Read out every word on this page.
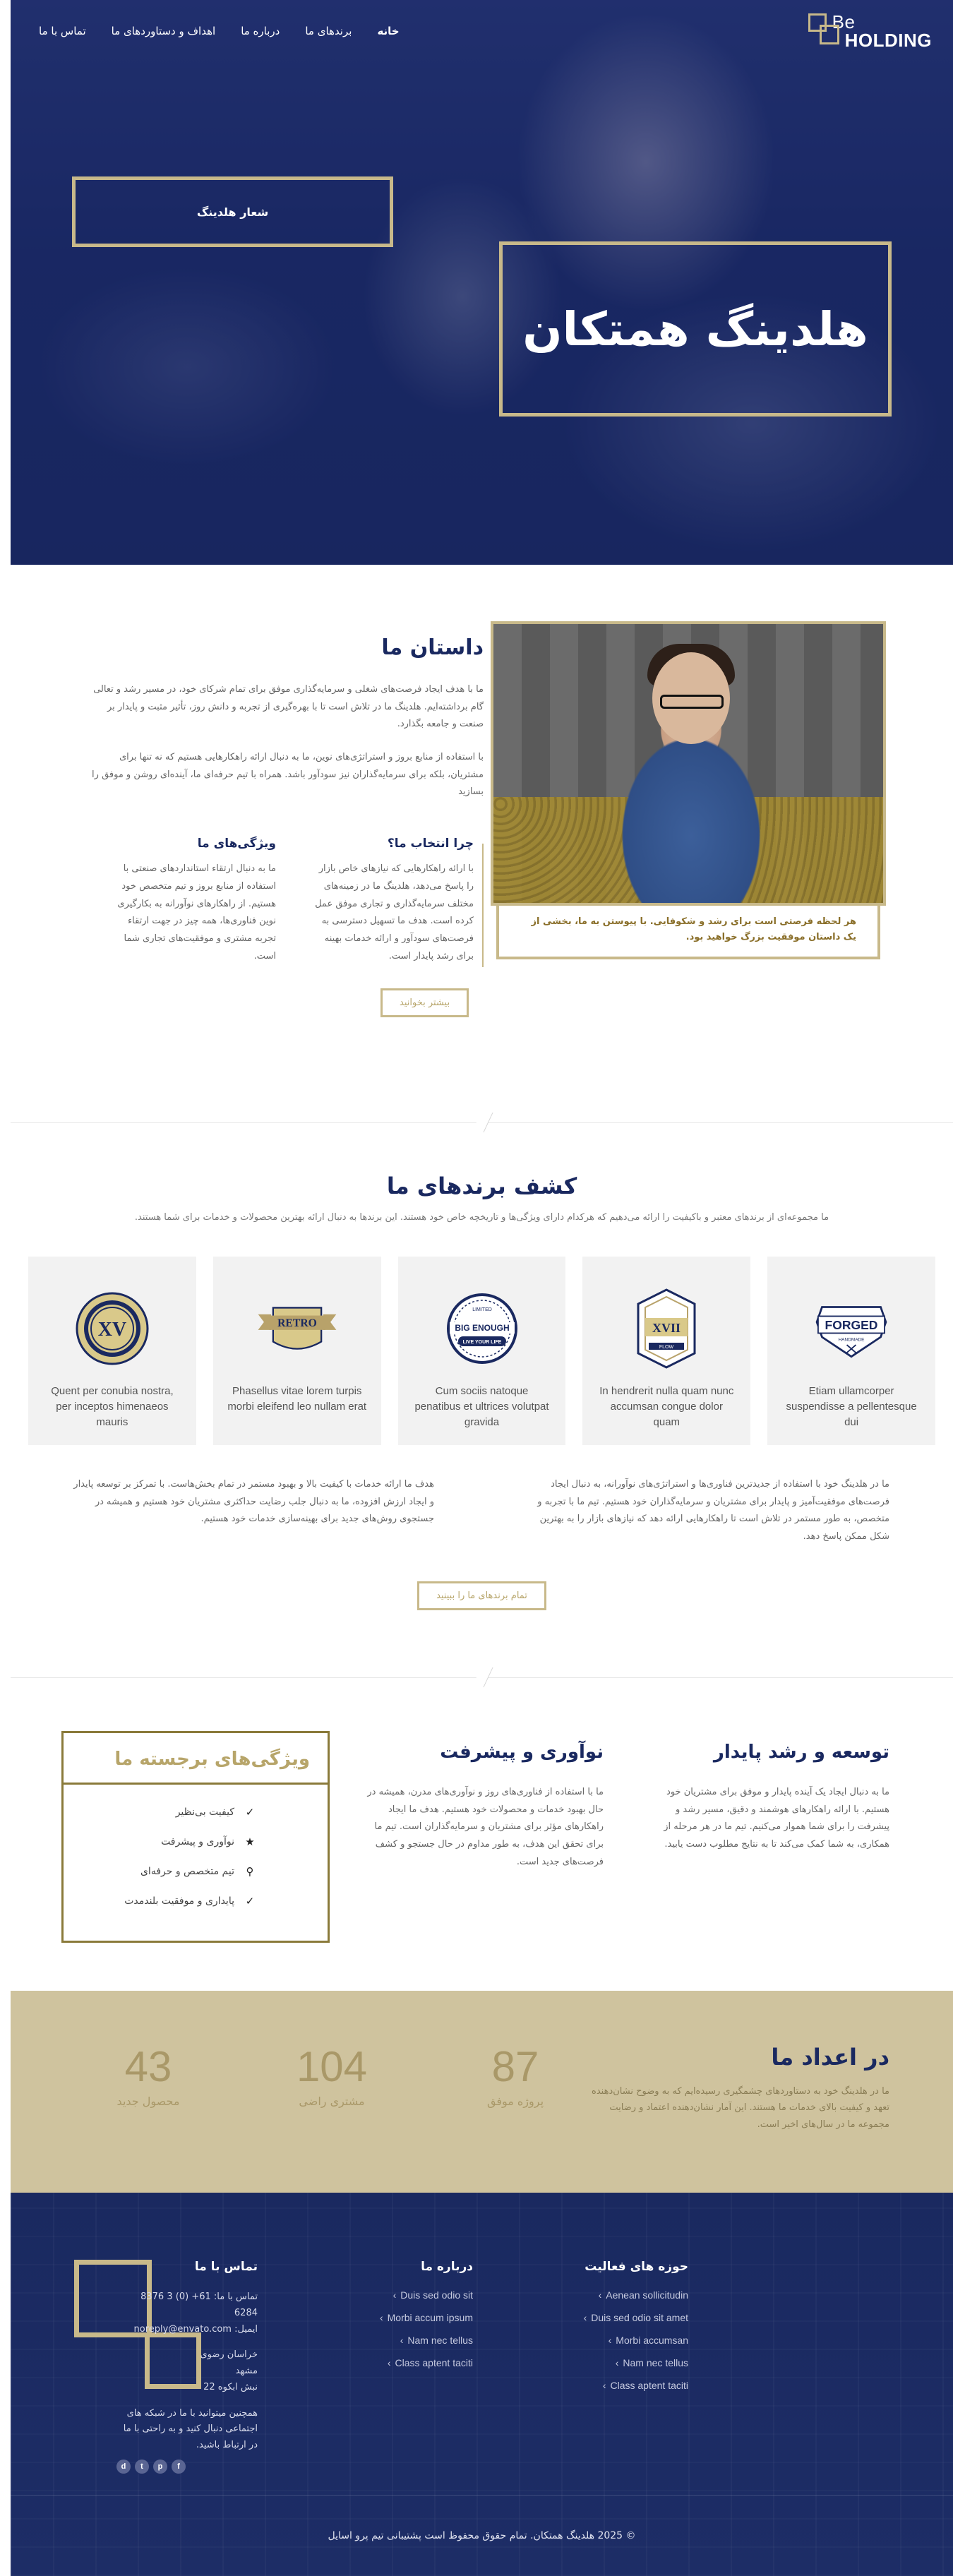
Be
HOLDING
خانه
برندهای ما
درباره ما
اهداف و دستاوردهای ما
تماس با ما
شعار هلدینگ
هلدینگ همتکان
هر لحظه فرصتی است برای رشد و شکوفایی. با پیوستن به ما، بخشی از یک داستان موفقیت بزرگ خواهید بود.
داستان ما

ما با هدف ایجاد فرصت‌های شغلی و سرمایه‌گذاری موفق برای تمام شرکای خود، در مسیر رشد و تعالی گام برداشته‌ایم. هلدینگ ما در تلاش است تا با بهره‌گیری از تجربه و دانش روز، تأثیر مثبت و پایدار بر صنعت و جامعه بگذارد.

با استفاده از منابع بروز و استراتژی‌های نوین، ما به دنبال ارائه راهکارهایی هستیم که نه تنها برای مشتریان، بلکه برای سرمایه‌گذاران نیز سودآور باشد. همراه با تیم حرفه‌ای ما، آینده‌ای روشن و موفق را بسازید

چرا انتخاب ما؟

با ارائه راهکارهایی که نیازهای خاص بازار را پاسخ می‌دهد، هلدینگ ما در زمینه‌های مختلف سرمایه‌گذاری و تجاری موفق عمل کرده است. هدف ما تسهیل دسترسی به فرصت‌های سودآور و ارائه خدمات بهینه برای رشد پایدار است.

ویژگی‌های ما

ما به دنبال ارتقاء استانداردهای صنعتی با استفاده از منابع بروز و تیم متخصص خود هستیم. از راهکارهای نوآورانه به بکارگیری نوین فناوری‌ها، همه چیز در جهت ارتقاء تجربه مشتری و موفقیت‌های تجاری شما است.

بیشتر بخوانید
کشف برندهای ما

ما مجموعه‌ای از برندهای معتبر و باکیفیت را ارائه می‌دهیم که هرکدام دارای ویژگی‌ها و تاریخچه خاص خود هستند. این برندها به دنبال ارائه بهترین محصولات و خدمات برای شما هستند.

XV

Quent per conubia nostra, per inceptos himenaeos mauris

RETRO

Phasellus vitae lorem turpis morbi eleifend leo nullam erat

LIMITED
BIG ENOUGH
LIVE YOUR LIFE

Cum sociis natoque penatibus et ultrices volutpat gravida

XVII
FLOW

In hendrerit nulla quam nunc accumsan congue dolor quam

FORGED
HANDMADE

Etiam ullamcorper suspendisse a pellentesque dui

ما در هلدینگ خود با استفاده از جدیدترین فناوری‌ها و استراتژی‌های نوآورانه، به دنبال ایجاد فرصت‌های موفقیت‌آمیز و پایدار برای مشتریان و سرمایه‌گذاران خود هستیم. تیم ما با تجربه و متخصص، به طور مستمر در تلاش است تا راهکارهایی ارائه دهد که نیازهای بازار را به بهترین شکل ممکن پاسخ دهد.

هدف ما ارائه خدمات با کیفیت بالا و بهبود مستمر در تمام بخش‌هاست. با تمرکز بر توسعه پایدار و ایجاد ارزش افزوده، ما به دنبال جلب رضایت حداکثری مشتریان خود هستیم و همیشه در جستجوی روش‌های جدید برای بهینه‌سازی خدمات خود هستیم.

تمام برندهای ما را ببینید
توسعه و رشد پایدار

ما به دنبال ایجاد یک آینده پایدار و موفق برای مشتریان خود هستیم. با ارائه راهکارهای هوشمند و دقیق، مسیر رشد و پیشرفت را برای شما هموار می‌کنیم. تیم ما در هر مرحله از همکاری، به شما کمک می‌کند تا به نتایج مطلوب دست یابید.

نوآوری و پیشرفت

ما با استفاده از فناوری‌های روز و نوآوری‌های مدرن، همیشه در حال بهبود خدمات و محصولات خود هستیم. هدف ما ایجاد راهکارهای مؤثر برای مشتریان و سرمایه‌گذاران است. تیم ما برای تحقق این هدف، به طور مداوم در حال جستجو و کشف فرصت‌های جدید است.

ویژگی‌های برجسته ما
✓
کیفیت بی‌نظیر
★
نوآوری و پیشرفت
⚲
تیم متخصص و حرفه‌ای
✓
پایداری و موفقیت بلندمدت
در اعداد ما

ما در هلدینگ خود به دستاوردهای چشمگیری رسیده‌ایم که به وضوح نشان‌دهنده تعهد و کیفیت بالای خدمات ما هستند. این آمار نشان‌دهنده اعتماد و رضایت مجموعه ما در سال‌های اخیر است.

43
محصول جدید
104
مشتری راضی
87
پروژه موفق
حوزه های فعالیت
Aenean sollicitudin ›
Duis sed odio sit amet ›
Morbi accumsan ›
Nam nec tellus ›
Class aptent taciti ›
درباره ما
Duis sed odio sit ›
Morbi accum ipsum ›
Nam nec tellus ›
Class aptent taciti ›
تماس با ما
تماس با ما: 61+ (0) 3 8376 6284
ایمیل: noreply@envato.com
خراسان رضوی
مشهد
نبش ابکوه 22
همچنین میتوانید با ما در شبکه های اجتماعی دنبال کنید و به راحتی با ما در ارتباط باشید.
f
p
t
d
© 2025 هلدینگ همتکان. تمام حقوق محفوظ است پشتیبانی تیم پرو اسایل
